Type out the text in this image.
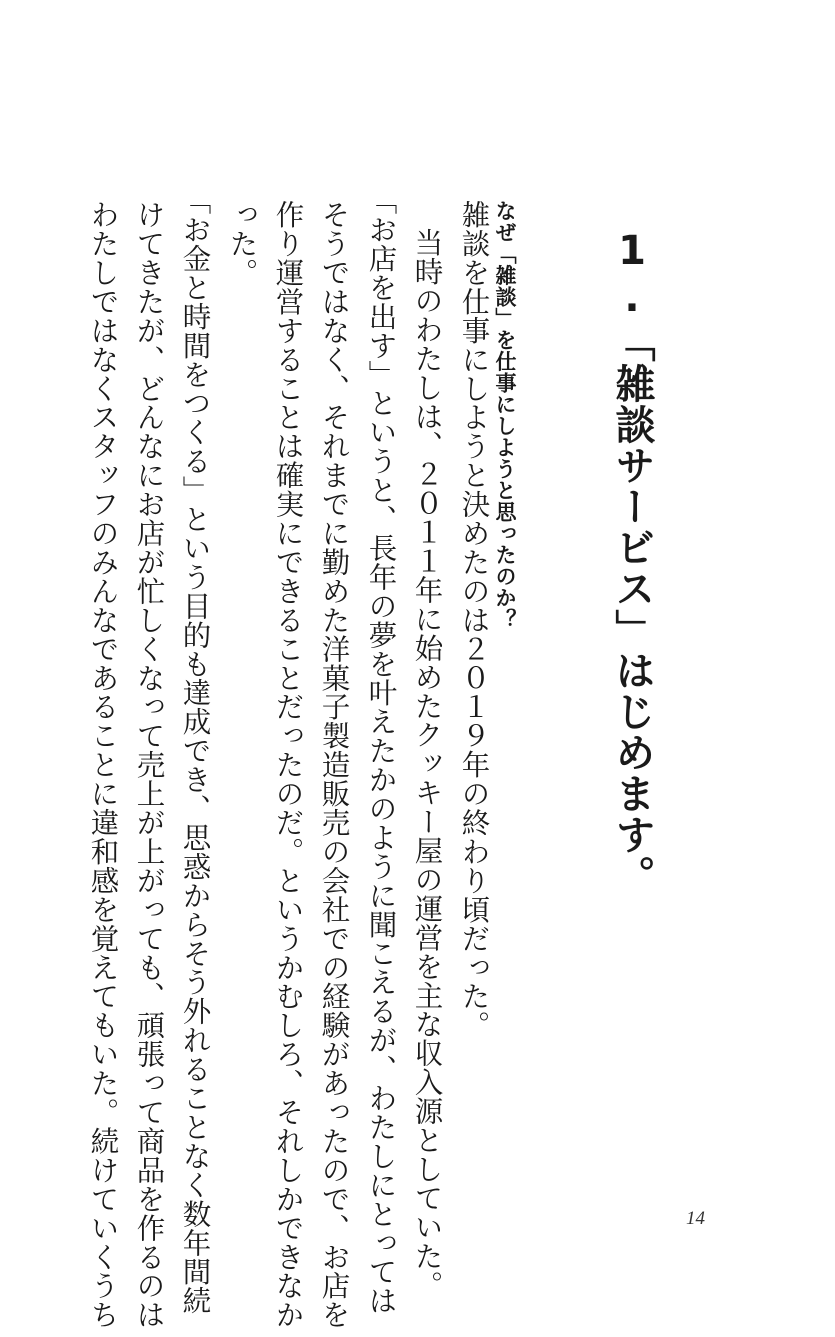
1.「雑談サービス」はじめます。
なぜ「雑談」を仕事にしようと思ったのか？

雑談を仕事にしようと決めたのは２０１９年の終わり頃だった。

当時のわたしは、２０１１年に始めたクッキー屋の運営を主な収入源としていた。

「お店を出す」というと、長年の夢を叶えたかのように聞こえるが、わたしにとっては

そうではなく、それまでに勤めた洋菓子製造販売の会社での経験があったので、お店を

作り運営することは確実にできることだったのだ。というかむしろ、それしかできなか

った。

「お金と時間をつくる」という目的も達成でき、思惑からそう外れることなく数年間続

けてきたが、どんなにお店が忙しくなって売上が上がっても、頑張って商品を作るのは

わたしではなくスタッフのみんなであることに違和感を覚えてもいた。続けていくうち	14
